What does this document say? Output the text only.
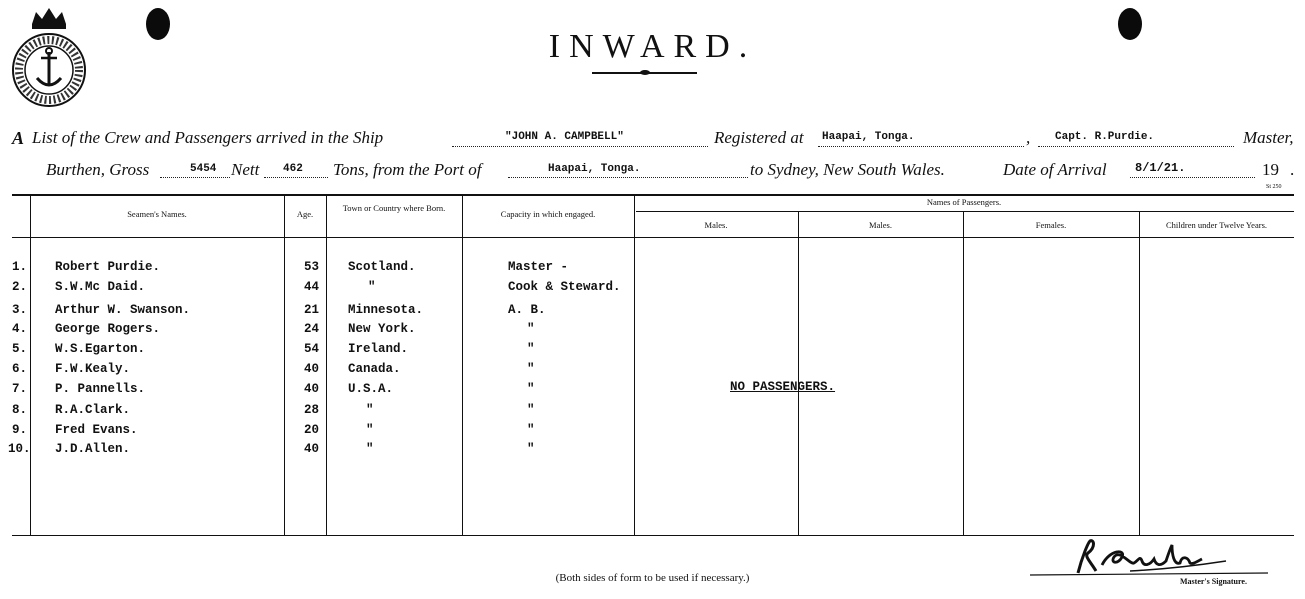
INWARD.
A List of the Crew and Passengers arrived in the Ship	"JOHN A. CAMPBELL"	Registered at Haapai, Tonga.	, Capt. R.Purdie.	Master,
Burthen, Gross	5454 Nett 462 Tons, from the Port of	Haapai, Tonga.	to Sydney, New South Wales.	Date of Arrival 8/1/21.	19 .
St 250
Seamen's Names.	Age.
Town or Country where Born.
Capacity in which engaged.
Names of Passengers.
Males.	Males.	Females.	Children under Twelve Years.
1. Robert Purdie.	53 Scotland.	Master -
2. S.W.Mc Daid.	44	"	Cook & Steward.
3. Arthur W. Swanson.	21 Minnesota.	A. B.
4. George Rogers.	24 New York.	"
5. W.S.Egarton.	54 Ireland.	"
6. F.W.Kealy.	40 Canada.	"
7. P. Pannells.	40 U.S.A.	"
8. R.A.Clark.	28	"	"
9. Fred Evans.	20	"	"
10. J.D.Allen.	40	"	"
NO PASSENGERS.
(Both sides of form to be used if necessary.)	Master's Signature.
